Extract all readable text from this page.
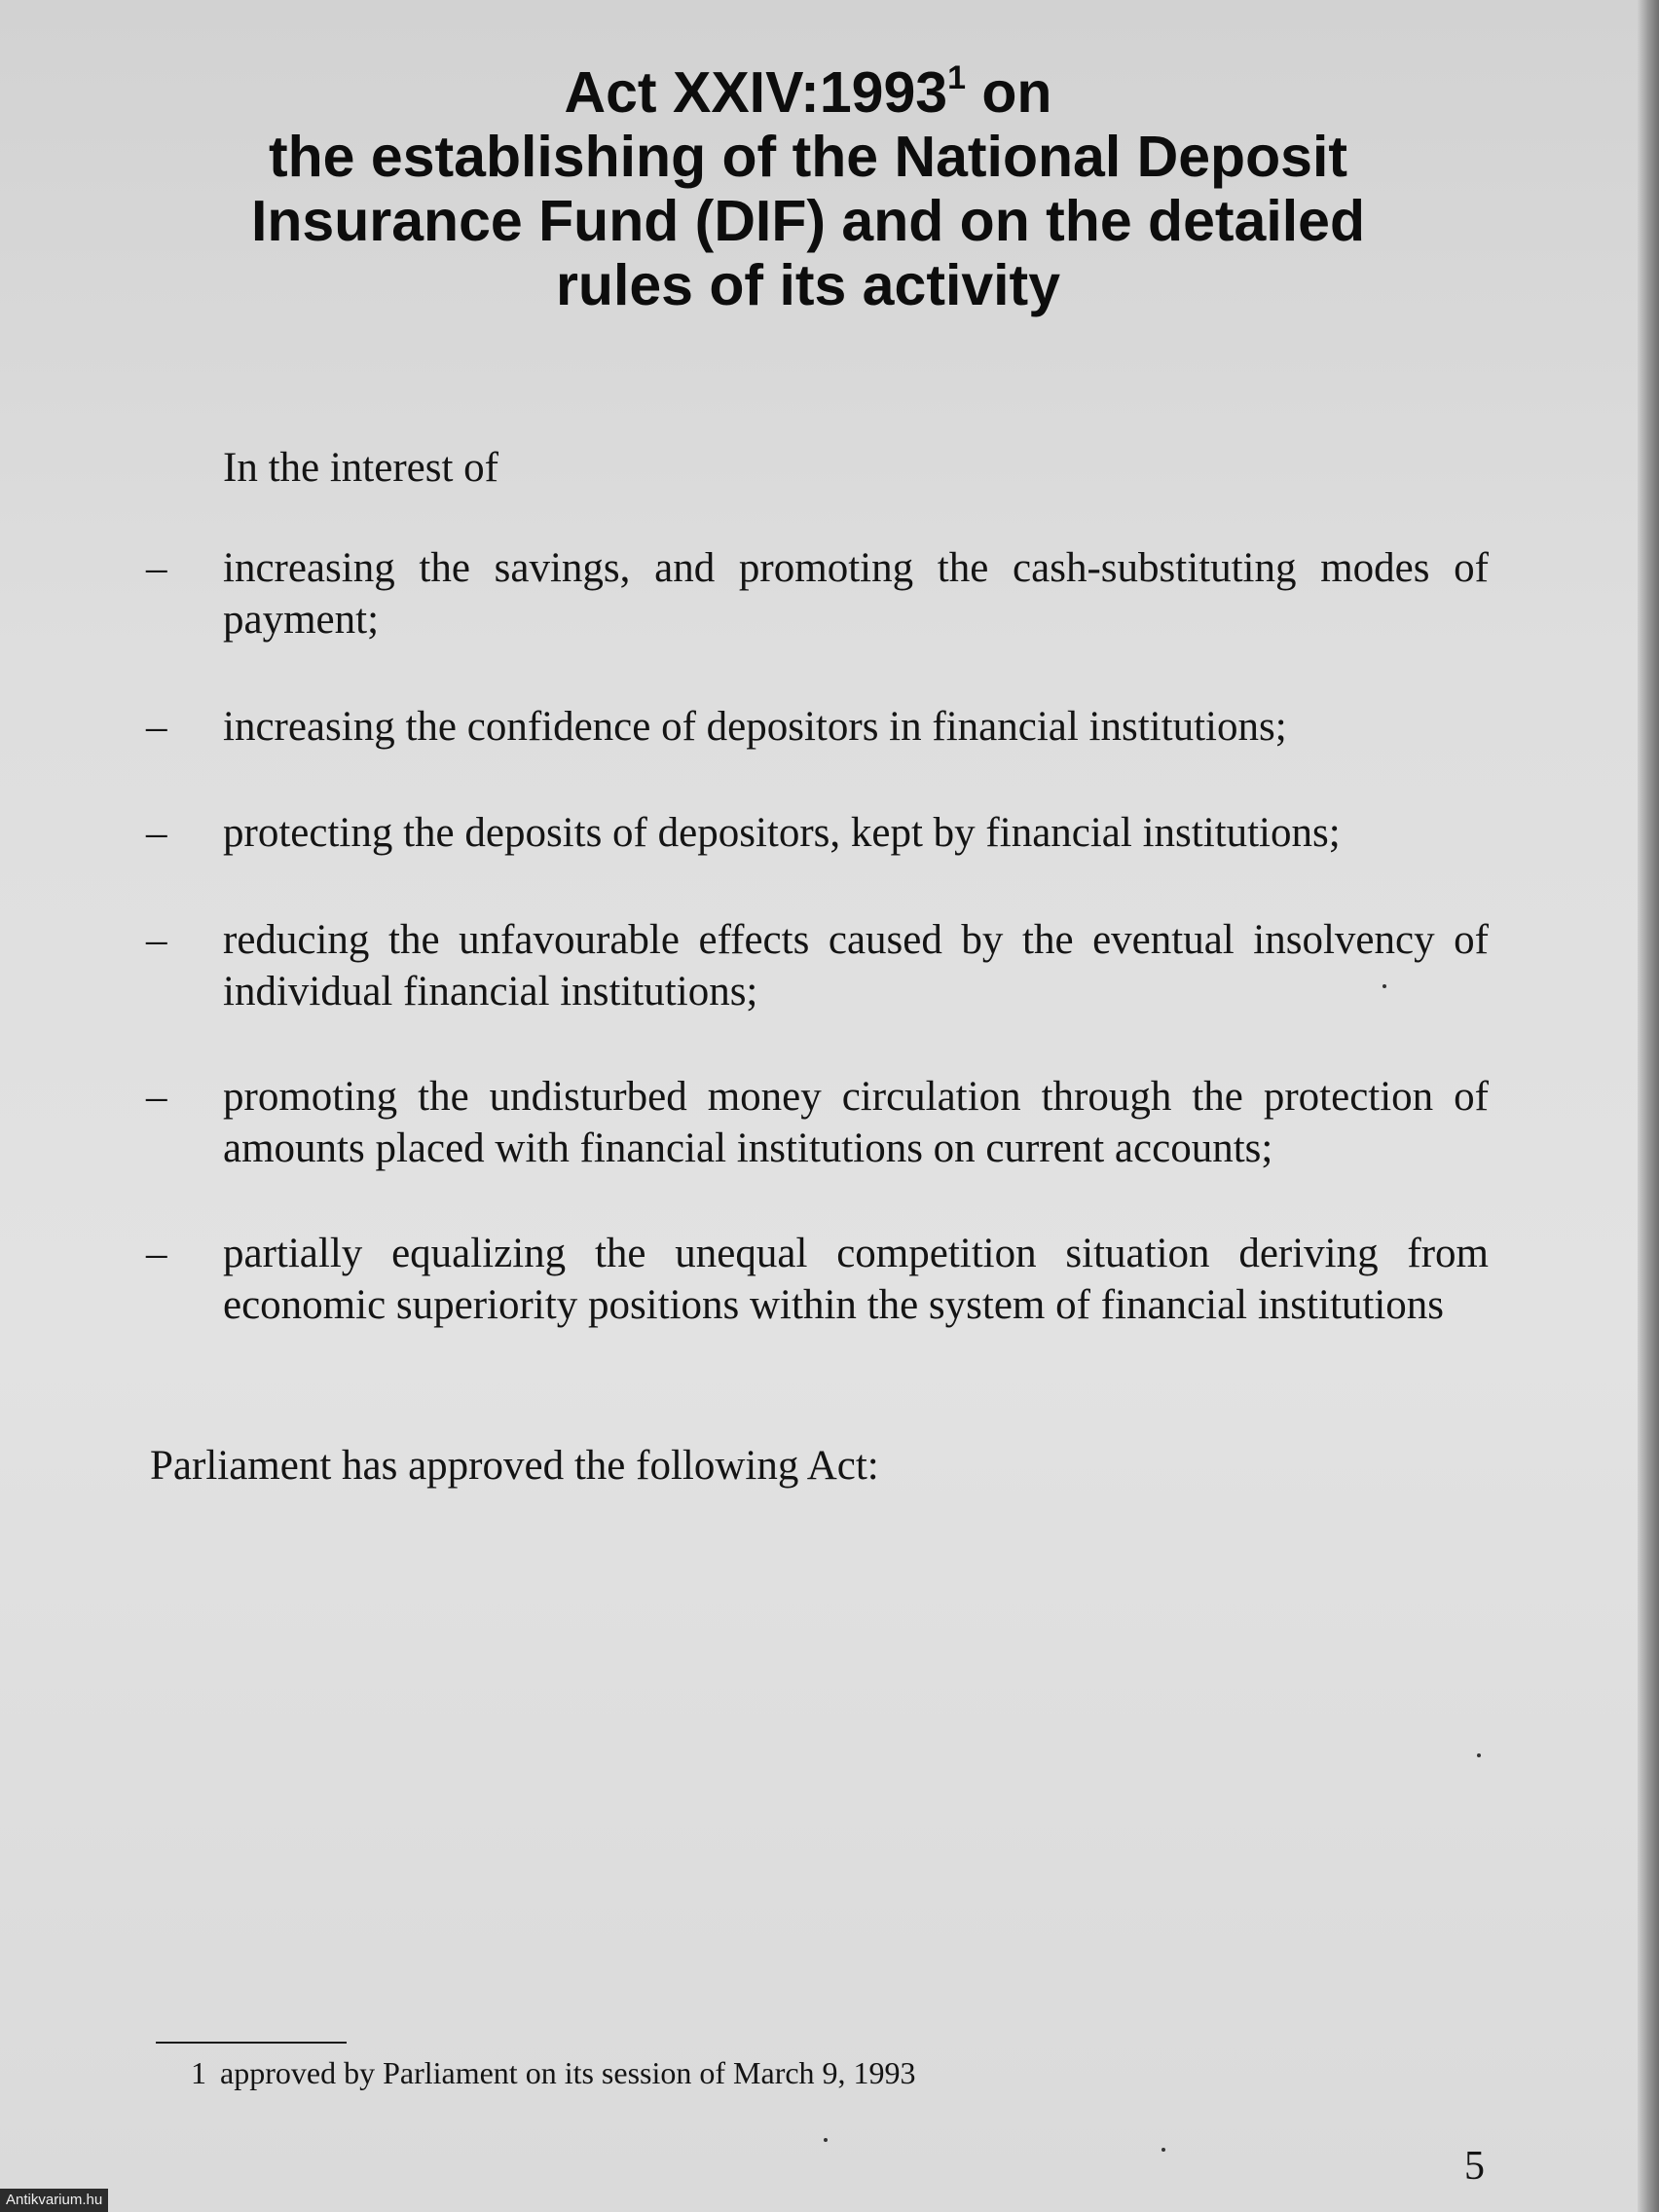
Act XXIV:1993$^1$ on
the establishing of the National Deposit
Insurance Fund (DIF) and on the detailed
rules of its activity
In the interest of
–	increasing the savings, and promoting the cash-substituting modes of payment;
–	increasing the confidence of depositors in financial institutions;
–	protecting the deposits of depositors, kept by financial institutions;
–	reducing the unfavourable effects caused by the eventual insolvency of individual financial institutions;
–	promoting the undisturbed money circulation through the protection of amounts placed with financial institutions on current accounts;
–	partially equalizing the unequal competition situation deriving from economic superiority positions within the system of financial institutions
Parliament has approved the following Act:
1 approved by Parliament on its session of March 9, 1993
5
Antikvarium.hu
